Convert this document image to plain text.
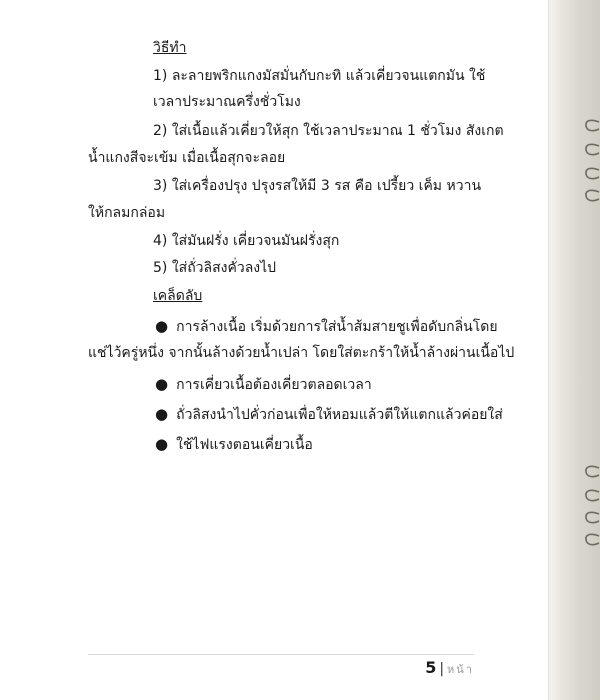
วิธีทำ
1) ละลายพริกแกงมัสมั่นกับกะทิ แล้วเคี่ยวจนแตกมัน ใช้
เวลาประมาณครึ่งชั่วโมง
2) ใส่เนื้อแล้วเคี่ยวให้สุก ใช้เวลาประมาณ 1 ชั่วโมง สังเกต
น้ำแกงสีจะเข้ม เมื่อเนื้อสุกจะลอย
3) ใส่เครื่องปรุง ปรุงรสให้มี 3 รส คือ เปรี้ยว เค็ม หวาน
ให้กลมกล่อม
4) ใส่มันฝรั่ง เคี่ยวจนมันฝรั่งสุก
5) ใส่ถั่วลิสงคั่วลงไป
เคล็ดลับ
● การล้างเนื้อ เริ่มด้วยการใส่น้ำส้มสายชูเพื่อดับกลิ่นโดย
แช่ไว้ครู่หนึ่ง จากนั้นล้างด้วยน้ำเปล่า โดยใส่ตะกร้าให้น้ำล้างผ่านเนื้อไป
● การเคี่ยวเนื้อต้องเคี่ยวตลอดเวลา
● ถั่วลิสงนำไปคั่วก่อนเพื่อให้หอมแล้วตีให้แตกแล้วค่อยใส่
● ใช้ไฟแรงตอนเคี่ยวเนื้อ
5 | หน้า
